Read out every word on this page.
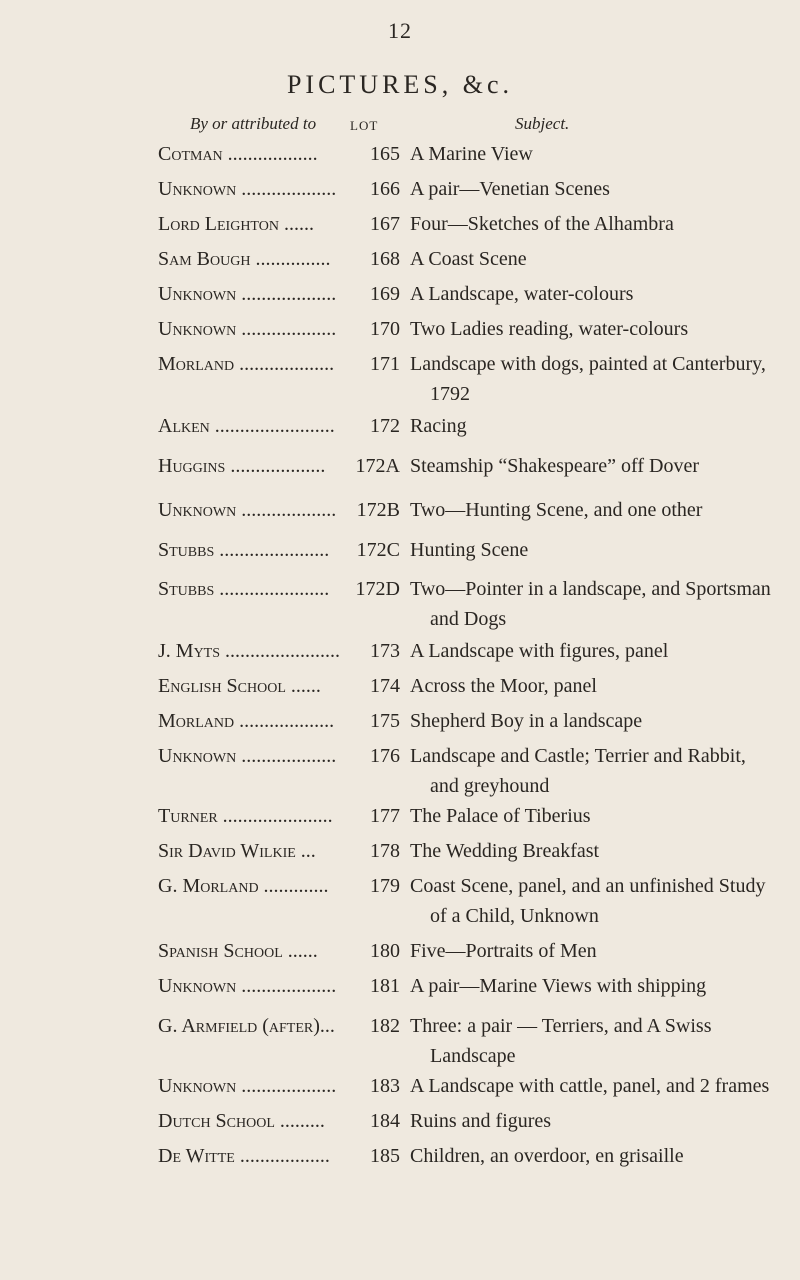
12
PICTURES, &c.
By or attributed to	LOT	Subject.
Cotman ..................	165 A Marine View
Unknown ...................	166 A pair—Venetian Scenes
Lord Leighton ......	167 Four—Sketches of the Alhambra
Sam Bough ...............	168 A Coast Scene
Unknown ...................	169 A Landscape, water-colours
Unknown ...................	170 Two Ladies reading, water-colours
Morland ...................	171 Landscape with dogs, painted at Canterbury,
1792
Alken ........................	172 Racing
Huggins ...................	172A Steamship “Shakespeare” off Dover
Unknown ...................	172B Two—Hunting Scene, and one other
Stubbs ......................	172C Hunting Scene
Stubbs ......................	172D Two—Pointer in a landscape, and Sportsman
and Dogs
J. Myts .......................	173 A Landscape with figures, panel
English School ......	174 Across the Moor, panel
Morland ...................	175 Shepherd Boy in a landscape
Unknown ...................	176 Landscape and Castle; Terrier and Rabbit,
and greyhound
Turner ......................	177 The Palace of Tiberius
Sir David Wilkie ...	178 The Wedding Breakfast
G. Morland .............	179 Coast Scene, panel, and an unfinished Study
of a Child, Unknown
Spanish School ......	180 Five—Portraits of Men
Unknown ...................	181 A pair—Marine Views with shipping
G. Armfield (after)...	182 Three: a pair — Terriers, and A Swiss
Landscape
Unknown ...................	183 A Landscape with cattle, panel, and 2 frames
Dutch School .........	184 Ruins and figures
De Witte ..................	185 Children, an overdoor, en grisaille
